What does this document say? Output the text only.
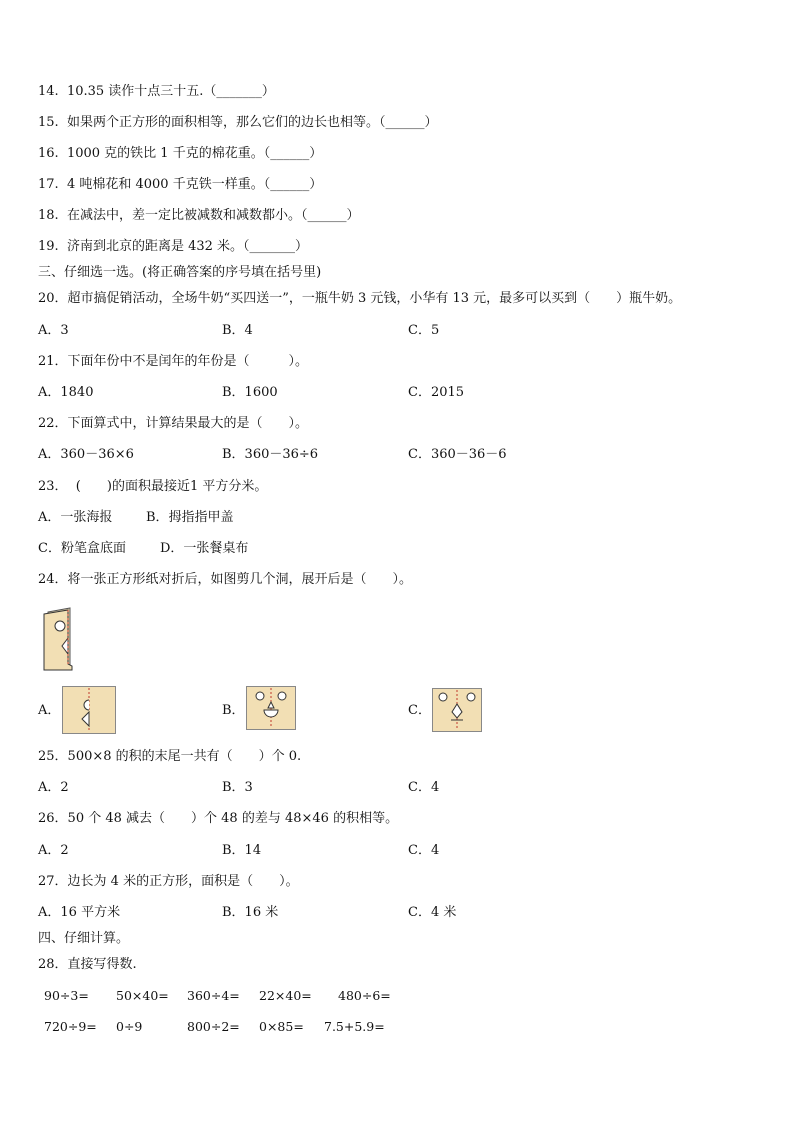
14. 10.35 读作十点三十五.（_______）
15. 如果两个正方形的面积相等，那么它们的边长也相等。（______）
16. 1000 克的铁比 1 千克的棉花重。（______）
17. 4 吨棉花和 4000 千克铁一样重。（______）
18. 在减法中，差一定比被减数和减数都小。（______）
19. 济南到北京的距离是 432 米。（_______）
三、仔细选一选。(将正确答案的序号填在括号里)
20．超市搞促销活动，全场牛奶“买四送一”，一瓶牛奶 3 元钱，小华有 13 元，最多可以买到（　　）瓶牛奶。
A．3	B．4	C．5
21．下面年份中不是闰年的年份是（　　　）。
A．1840	B．1600	C．2015
22．下面算式中，计算结果最大的是（　　）。
A．360－36×6	B．360－36÷6	C．360－36－6
23．  (　　)的面积最接近1 平方分米。
A．一张海报	B．拇指指甲盖
C．粉笔盒底面	D．一张餐桌布
24．将一张正方形纸对折后，如图剪几个洞，展开后是（　　）。
A．	B．	C．
25．500×8 的积的末尾一共有（　　）个 0.
A．2	B．3	C．4
26．50 个 48 减去（　　）个 48 的差与 48×46 的积相等。
A．2	B．14	C．4
27．边长为 4 米的正方形，面积是（　　）。
A．16 平方米	B．16 米	C．4 米
四、仔细计算。
28．直接写得数.
90÷3= 50×40= 360÷4= 22×40= 480÷6=
720÷9= 0÷9	800÷2= 0×85= 7.5+5.9=
